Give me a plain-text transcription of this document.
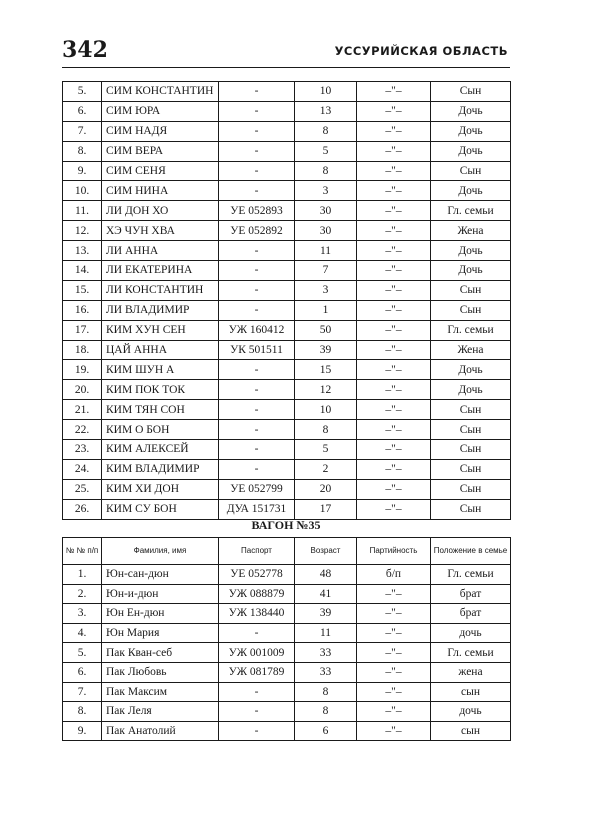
342	УССУРИЙСКАЯ ОБЛАСТЬ
5.	СИМ КОНСТАНТИН	-	10	–"–	Сын
6.	СИМ ЮРА	-	13	–"–	Дочь
7.	СИМ НАДЯ	-	8	–"–	Дочь
8.	СИМ ВЕРА	-	5	–"–	Дочь
9.	СИМ СЕНЯ	-	8	–"–	Сын
10.	СИМ НИНА	-	3	–"–	Дочь
11.	ЛИ ДОН ХО	УЕ 052893	30	–"–	Гл. семьи
12.	ХЭ ЧУН ХВА	УЕ 052892	30	–"–	Жена
13.	ЛИ АННА	-	11	–"–	Дочь
14.	ЛИ ЕКАТЕРИНА	-	7	–"–	Дочь
15.	ЛИ КОНСТАНТИН	-	3	–"–	Сын
16.	ЛИ ВЛАДИМИР	-	1	–"–	Сын
17.	КИМ ХУН СЕН	УЖ 160412	50	–"–	Гл. семьи
18.	ЦАЙ АННА	УК 501511	39	–"–	Жена
19.	КИМ ШУН А	-	15	–"–	Дочь
20.	КИМ ПОК ТОК	-	12	–"–	Дочь
21.	КИМ ТЯН СОН	-	10	–"–	Сын
22.	КИМ О БОН	-	8	–"–	Сын
23.	КИМ АЛЕКСЕЙ	-	5	–"–	Сын
24.	КИМ ВЛАДИМИР	-	2	–"–	Сын
25.	КИМ ХИ ДОН	УЕ 052799	20	–"–	Сын
26.	КИМ СУ БОН	ДУА 151731	17	–"–	Сын
ВАГОН №35
№ № п/п	Фамилия, имя	Паспорт	Возраст	Партийность	Положение в семье
1.	Юн-сан-дюн	УЕ 052778	48	б/п	Гл. семьи
2.	Юн-и-дюн	УЖ 088879	41	–"–	брат
3.	Юн Ен-дюн	УЖ 138440	39	–"–	брат
4.	Юн Мария	-	11	–"–	дочь
5.	Пак Кван-себ	УЖ 001009	33	–"–	Гл. семьи
6.	Пак Любовь	УЖ 081789	33	–"–	жена
7.	Пак Максим	-	8	–"–	сын
8.	Пак Леля	-	8	–"–	дочь
9.	Пак Анатолий	-	6	–"–	сын
